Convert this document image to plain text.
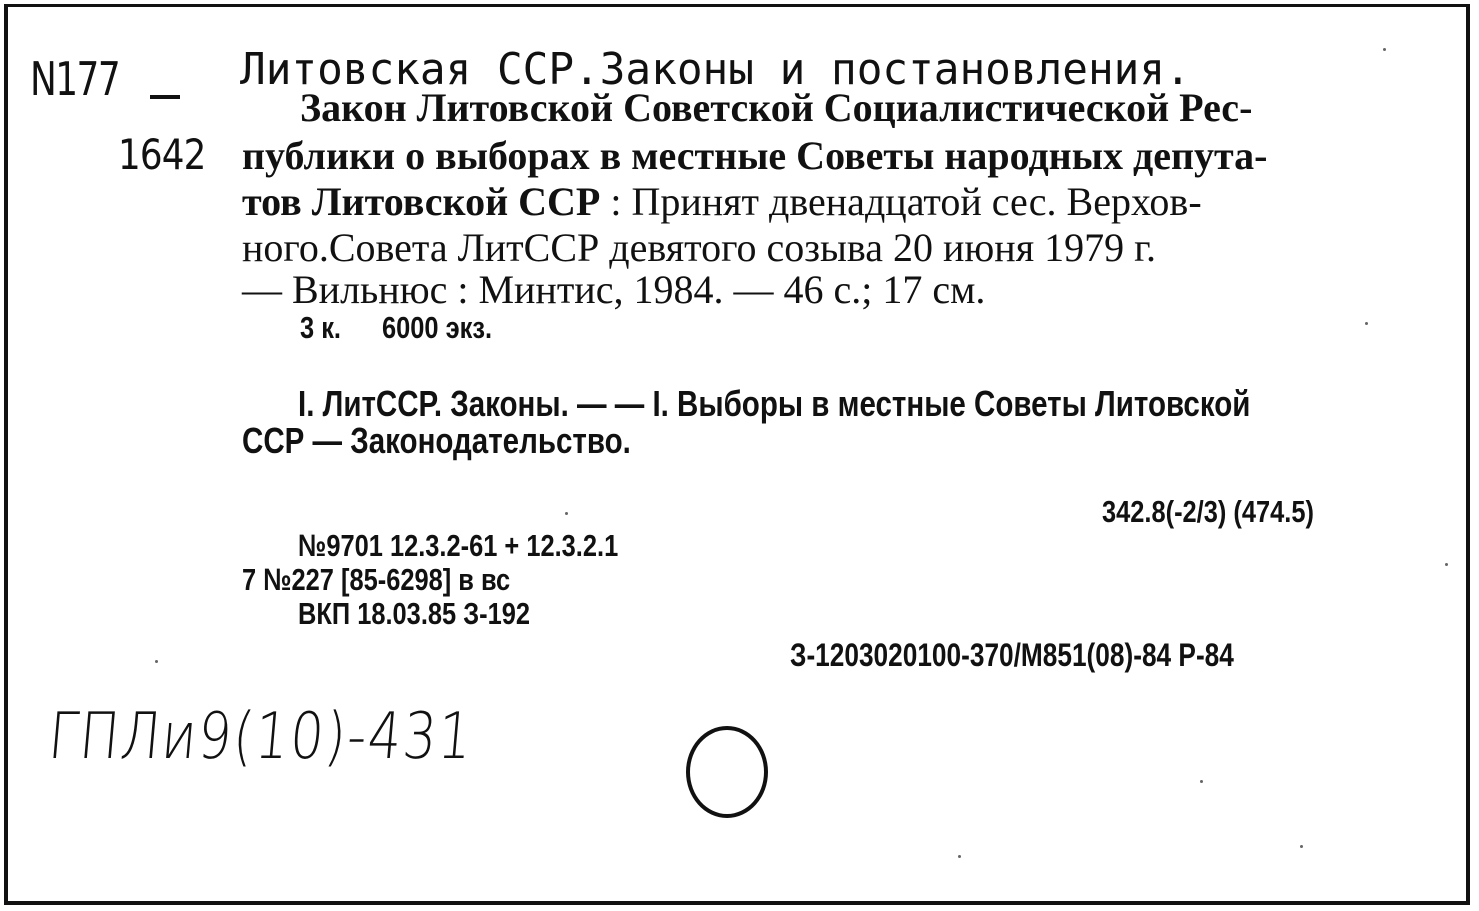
N177
1642
Литовская ССР.Законы и постановления.
Закон Литовской Советской Социалистической Рес-
публики о выборах в местные Советы народных депута-
тов Литовской ССР : Принят двенадцатой сес. Верхов-
ного.Совета ЛитССР девятого созыва 20 июня 1979 г.
— Вильнюс : Минтис, 1984. — 46 с.; 17 см.
3 к. 6000 экз.
I. ЛитССР. Законы. — — I. Выборы в местные Советы Литовской
ССР — Законодательство.
342.8(-2/3) (474.5)
№9701 12.3.2-61 + 12.3.2.1
7 №227 [85-6298] в вс
ВКП 18.03.85 З-192
З-1203020100-370/М851(08)-84 Р-84
ГПЛи9(10)-431
